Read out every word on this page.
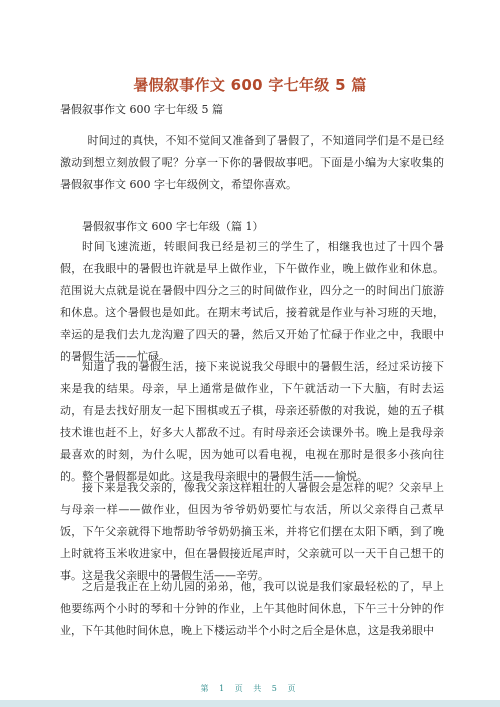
暑假叙事作文 600 字七年级 5 篇
暑假叙事作文 600 字七年级 5 篇

时间过的真快，不知不觉间又准备到了暑假了，不知道同学们是不是已经激动到想立刻放假了呢？分享一下你的暑假故事吧。下面是小编为大家收集的暑假叙事作文 600 字七年级例文，希望你喜欢。

暑假叙事作文 600 字七年级（篇 1）

时间飞速流逝，转眼间我已经是初三的学生了，相继我也过了十四个暑假，在我眼中的暑假也许就是早上做作业，下午做作业，晚上做作业和休息。范围说大点就是说在暑假中四分之三的时间做作业，四分之一的时间出门旅游和休息。这个暑假也是如此。在期末考试后，接着就是作业与补习班的天地，幸运的是我们去九龙沟避了四天的暑，然后又开始了忙碌于作业之中，我眼中的暑假生活——忙碌。

知道了我的暑假生活，接下来说说我父母眼中的暑假生活，经过采访接下来是我的结果。母亲，早上通常是做作业，下午就活动一下大脑，有时去运动，有是去找好朋友一起下围棋或五子棋，母亲还骄傲的对我说，她的五子棋技术谁也赶不上，好多大人都敌不过。有时母亲还会读课外书。晚上是我母亲最喜欢的时刻，为什么呢，因为她可以看电视，电视在那时是很多小孩向往的。整个暑假都是如此。这是我母亲眼中的暑假生活——愉悦。

接下来是我父亲的，像我父亲这样粗壮的人暑假会是怎样的呢？父亲早上与母亲一样——做作业，但因为爷爷奶奶要忙与农活，所以父亲得自己煮早饭，下午父亲就得下地帮助爷爷奶奶摘玉米，并将它们摆在太阳下晒，到了晚上时就将玉米收进家中，但在暑假接近尾声时，父亲就可以一天干自己想干的事。这是我父亲眼中的暑假生活——辛劳。

之后是我正在上幼儿园的弟弟，他，我可以说是我们家最轻松的了，早上他要练两个小时的琴和十分钟的作业，上午其他时间休息，下午三十分钟的作业，下午其他时间休息，晚上下楼运动半个小时之后全是休息，这是我弟眼中

第 1 页 共 5 页
